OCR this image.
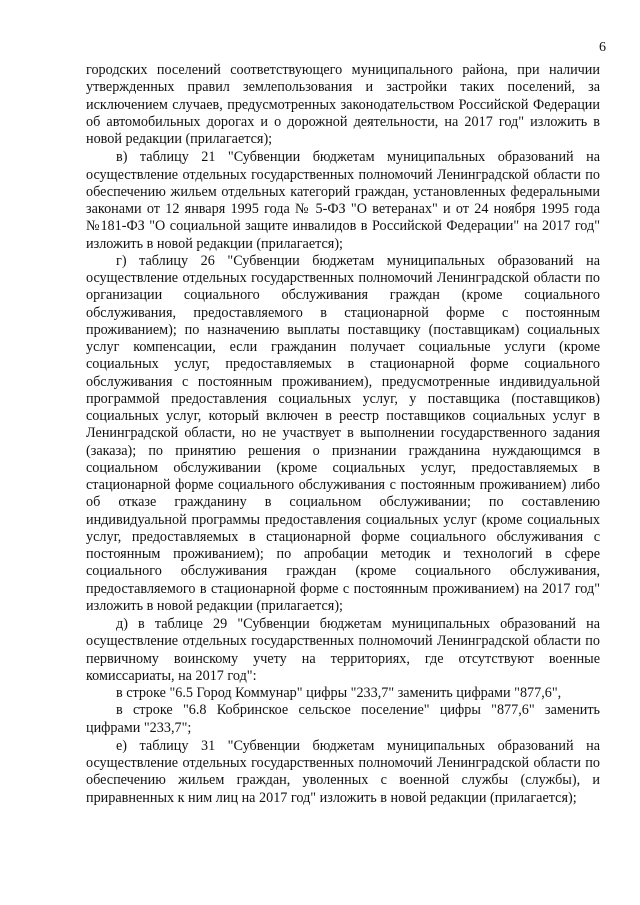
6

городских поселений соответствующего муниципального района, при наличии утвержденных правил землепользования и застройки таких поселений, за исключением случаев, предусмотренных законодательством Российской Федерации об автомобильных дорогах и о дорожной деятельности, на 2017 год" изложить в новой редакции (прилагается);

в) таблицу 21 "Субвенции бюджетам муниципальных образований на осуществление отдельных государственных полномочий Ленинградской области по обеспечению жильем отдельных категорий граждан, установленных федеральными законами от 12 января 1995 года № 5-ФЗ "О ветеранах" и от 24 ноября 1995 года №181-ФЗ "О социальной защите инвалидов в Российской Федерации" на 2017 год" изложить в новой редакции (прилагается);

г) таблицу 26 "Субвенции бюджетам муниципальных образований на осуществление отдельных государственных полномочий Ленинградской области по организации социального обслуживания граждан (кроме социального обслуживания, предоставляемого в стационарной форме с постоянным проживанием); по назначению выплаты поставщику (поставщикам) социальных услуг компенсации, если гражданин получает социальные услуги (кроме социальных услуг, предоставляемых в стационарной форме социального обслуживания с постоянным проживанием), предусмотренные индивидуальной программой предоставления социальных услуг, у поставщика (поставщиков) социальных услуг, который включен в реестр поставщиков социальных услуг в Ленинградской области, но не участвует в выполнении государственного задания (заказа); по принятию решения о признании гражданина нуждающимся в социальном обслуживании (кроме социальных услуг, предоставляемых в стационарной форме социального обслуживания с постоянным проживанием) либо об отказе гражданину в социальном обслуживании; по составлению индивидуальной программы предоставления социальных услуг (кроме социальных услуг, предоставляемых в стационарной форме социального обслуживания с постоянным проживанием); по апробации методик и технологий в сфере социального обслуживания граждан (кроме социального обслуживания, предоставляемого в стационарной форме с постоянным проживанием) на 2017 год" изложить в новой редакции (прилагается);

д) в таблице 29 "Субвенции бюджетам муниципальных образований на осуществление отдельных государственных полномочий Ленинградской области по первичному воинскому учету на территориях, где отсутствуют военные комиссариаты, на 2017 год":

в строке "6.5 Город Коммунар" цифры "233,7" заменить цифрами "877,6",

в строке "6.8 Кобринское сельское поселение" цифры "877,6" заменить цифрами "233,7";

е) таблицу 31 "Субвенции бюджетам муниципальных образований на осуществление отдельных государственных полномочий Ленинградской области по обеспечению жильем граждан, уволенных с военной службы (службы), и приравненных к ним лиц на 2017 год" изложить в новой редакции (прилагается);
